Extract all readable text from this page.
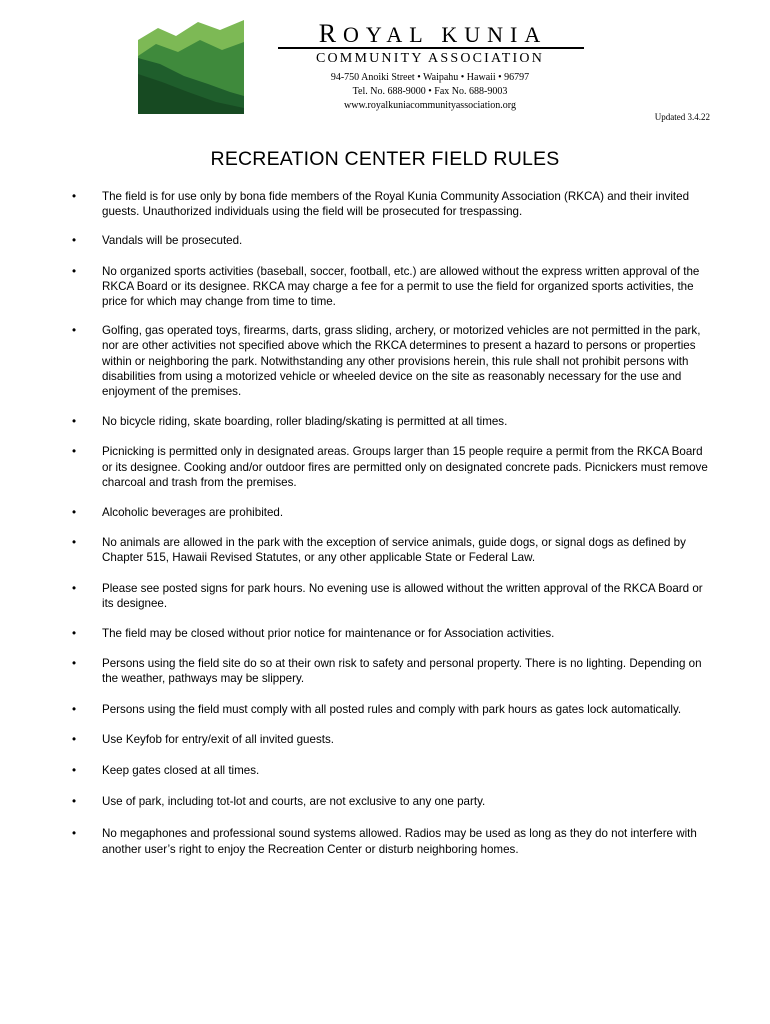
ROYAL KUNIA
COMMUNITY ASSOCIATION
94-750 Anoiki Street • Waipahu • Hawaii • 96797
Tel. No. 688-9000 • Fax No. 688-9003
www.royalkuniacommunityassociation.org
Updated 3.4.22
RECREATION CENTER FIELD RULES
•	The field is for use only by bona fide members of the Royal Kunia Community Association (RKCA) and their invited guests. Unauthorized individuals using the field will be prosecuted for trespassing.
•	Vandals will be prosecuted.
•	No organized sports activities (baseball, soccer, football, etc.) are allowed without the express written approval of the RKCA Board or its designee. RKCA may charge a fee for a permit to use the field for organized sports activities, the price for which may change from time to time.
•	Golfing, gas operated toys, firearms, darts, grass sliding, archery, or motorized vehicles are not permitted in the park, nor are other activities not specified above which the RKCA determines to present a hazard to persons or properties within or neighboring the park. Notwithstanding any other provisions herein, this rule shall not prohibit persons with disabilities from using a motorized vehicle or wheeled device on the site as reasonably necessary for the use and enjoyment of the premises.
•	No bicycle riding, skate boarding, roller blading/skating is permitted at all times.
•	Picnicking is permitted only in designated areas. Groups larger than 15 people require a permit from the RKCA Board or its designee. Cooking and/or outdoor fires are permitted only on designated concrete pads. Picnickers must remove charcoal and trash from the premises.
•	Alcoholic beverages are prohibited.
•	No animals are allowed in the park with the exception of service animals, guide dogs, or signal dogs as defined by Chapter 515, Hawaii Revised Statutes, or any other applicable State or Federal Law.
•	Please see posted signs for park hours. No evening use is allowed without the written approval of the RKCA Board or its designee.
•	The field may be closed without prior notice for maintenance or for Association activities.
•	Persons using the field site do so at their own risk to safety and personal property. There is no lighting. Depending on the weather, pathways may be slippery.
•	Persons using the field must comply with all posted rules and comply with park hours as gates lock automatically.
•	Use Keyfob for entry/exit of all invited guests.
•	Keep gates closed at all times.
•	Use of park, including tot-lot and courts, are not exclusive to any one party.
•	No megaphones and professional sound systems allowed. Radios may be used as long as they do not interfere with another user’s right to enjoy the Recreation Center or disturb neighboring homes.
